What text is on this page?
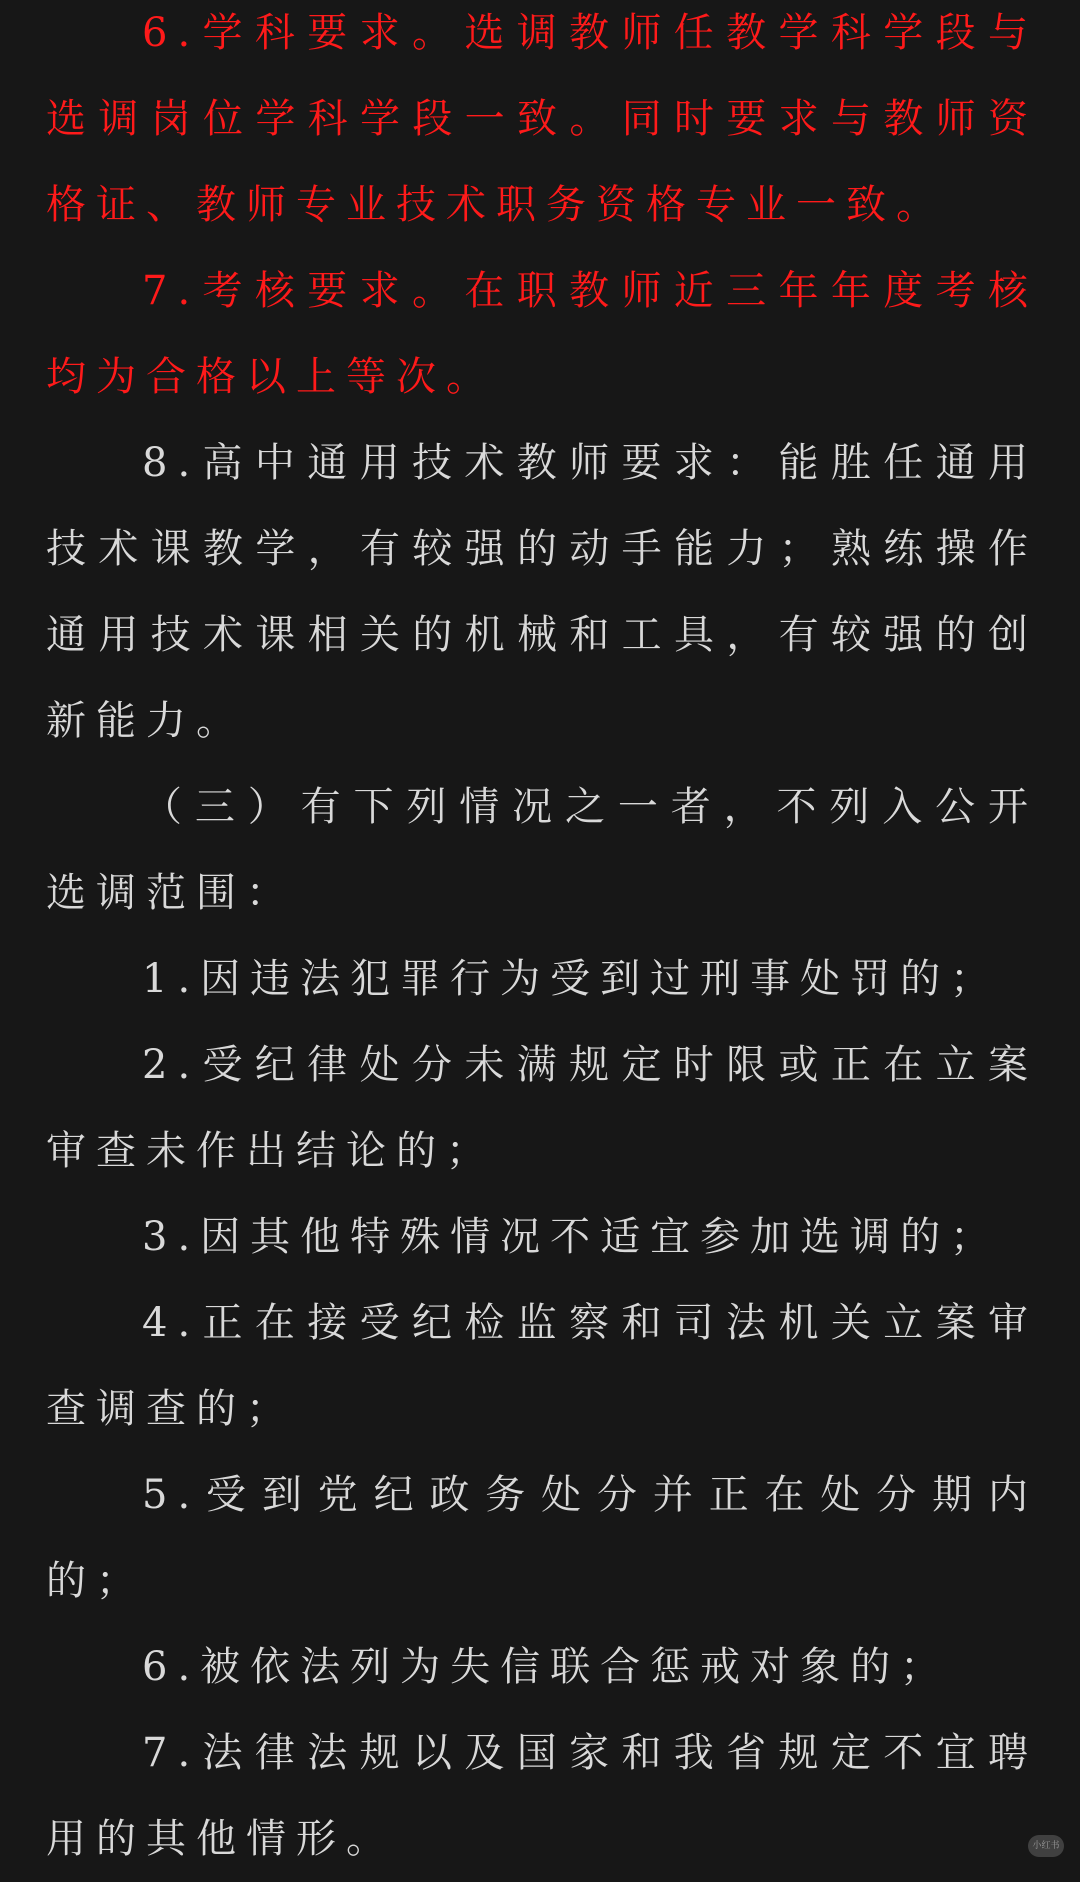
6.学科要求。选调教师任教学科学段与选调岗位学科学段一致。同时要求与教师资格证、教师专业技术职务资格专业一致。

7.考核要求。在职教师近三年年度考核均为合格以上等次。

8.高中通用技术教师要求：能胜任通用技术课教学，有较强的动手能力；熟练操作通用技术课相关的机械和工具，有较强的创新能力。

（三）有下列情况之一者，不列入公开选调范围：

1.因违法犯罪行为受到过刑事处罚的；

2.受纪律处分未满规定时限或正在立案审查未作出结论的；

3.因其他特殊情况不适宜参加选调的；

4.正在接受纪检监察和司法机关立案审查调查的；

5.受到党纪政务处分并正在处分期内的；

6.被依法列为失信联合惩戒对象的；

7.法律法规以及国家和我省规定不宜聘用的其他情形。	小红书
